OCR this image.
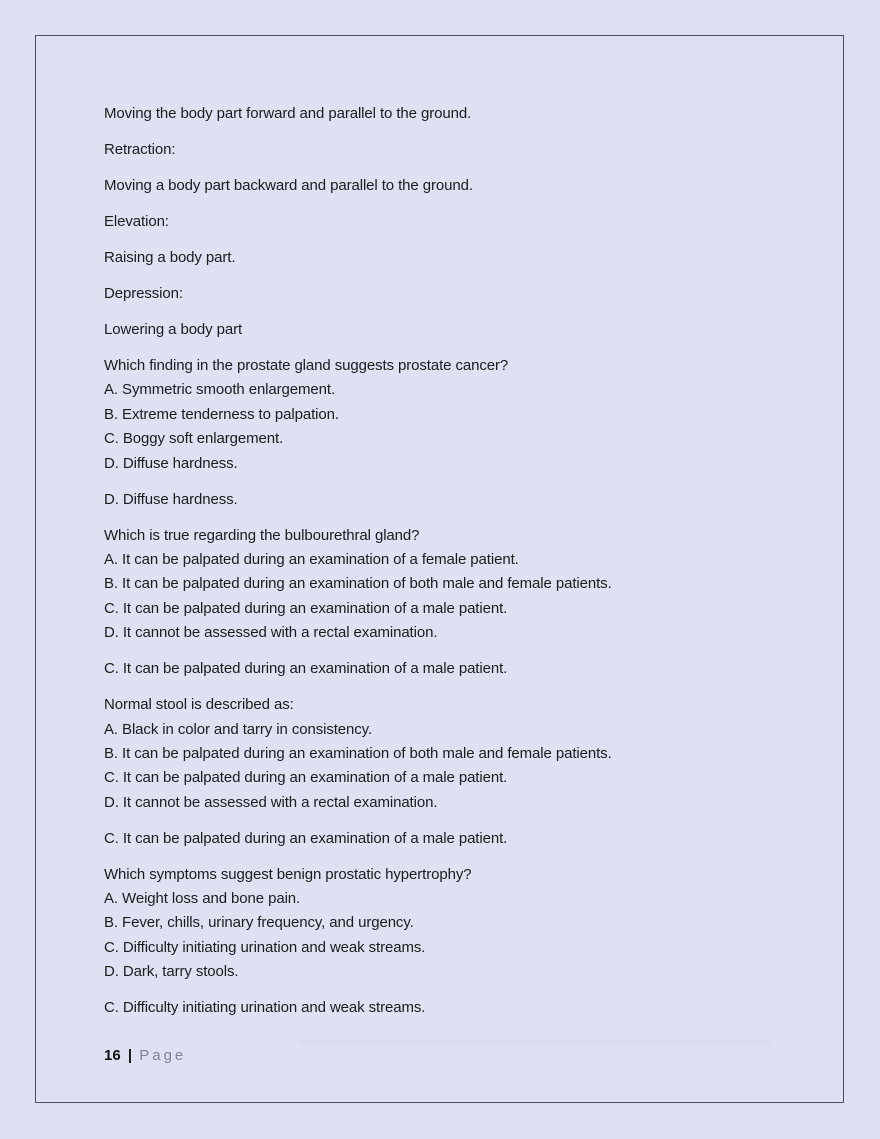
Moving the body part forward and parallel to the ground.

Retraction:

Moving a body part backward and parallel to the ground.

Elevation:

Raising a body part.

Depression:

Lowering a body part

Which finding in the prostate gland suggests prostate cancer?

A. Symmetric smooth enlargement.

B. Extreme tenderness to palpation.

C. Boggy soft enlargement.

D. Diffuse hardness.

D. Diffuse hardness.

Which is true regarding the bulbourethral gland?

A. It can be palpated during an examination of a female patient.

B. It can be palpated during an examination of both male and female patients.

C. It can be palpated during an examination of a male patient.

D. It cannot be assessed with a rectal examination.

C. It can be palpated during an examination of a male patient.

Normal stool is described as:

A. Black in color and tarry in consistency.

B. It can be palpated during an examination of both male and female patients.

C. It can be palpated during an examination of a male patient.

D. It cannot be assessed with a rectal examination.

C. It can be palpated during an examination of a male patient.

Which symptoms suggest benign prostatic hypertrophy?

A. Weight loss and bone pain.

B. Fever, chills, urinary frequency, and urgency.

C. Difficulty initiating urination and weak streams.

D. Dark, tarry stools.

C. Difficulty initiating urination and weak streams.

16 | Page
